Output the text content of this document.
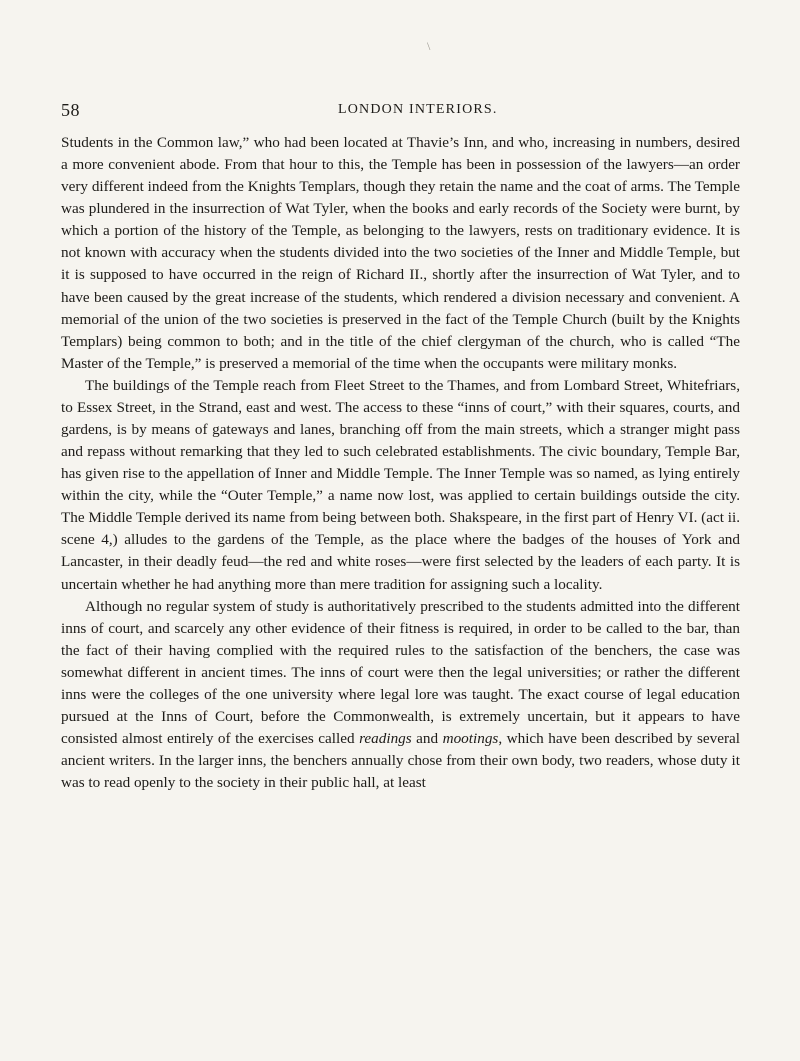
\
58	LONDON INTERIORS.

Students in the Common law,” who had been located at Thavie’s Inn, and who, increasing in numbers, desired a more convenient abode. From that hour to this, the Temple has been in possession of the lawyers—an order very different indeed from the Knights Templars, though they retain the name and the coat of arms. The Temple was plundered in the insurrection of Wat Tyler, when the books and early records of the Society were burnt, by which a portion of the history of the Temple, as belonging to the lawyers, rests on traditionary evidence. It is not known with accuracy when the students divided into the two societies of the Inner and Middle Temple, but it is supposed to have occurred in the reign of Richard II., shortly after the insurrection of Wat Tyler, and to have been caused by the great increase of the students, which rendered a division necessary and convenient. A memorial of the union of the two societies is preserved in the fact of the Temple Church (built by the Knights Templars) being common to both; and in the title of the chief clergyman of the church, who is called “The Master of the Temple,” is preserved a memorial of the time when the occupants were military monks.

The buildings of the Temple reach from Fleet Street to the Thames, and from Lombard Street, Whitefriars, to Essex Street, in the Strand, east and west. The access to these “inns of court,” with their squares, courts, and gardens, is by means of gateways and lanes, branching off from the main streets, which a stranger might pass and repass without remarking that they led to such celebrated establishments. The civic boundary, Temple Bar, has given rise to the appellation of Inner and Middle Temple. The Inner Temple was so named, as lying entirely within the city, while the “Outer Temple,” a name now lost, was applied to certain buildings outside the city. The Middle Temple derived its name from being between both. Shakspeare, in the first part of Henry VI. (act ii. scene 4,) alludes to the gardens of the Temple, as the place where the badges of the houses of York and Lancaster, in their deadly feud—the red and white roses—were first selected by the leaders of each party. It is uncertain whether he had anything more than mere tradition for assigning such a locality.

Although no regular system of study is authoritatively prescribed to the students admitted into the different inns of court, and scarcely any other evidence of their fitness is required, in order to be called to the bar, than the fact of their having complied with the required rules to the satisfaction of the benchers, the case was somewhat different in ancient times. The inns of court were then the legal universities; or rather the different inns were the colleges of the one university where legal lore was taught. The exact course of legal education pursued at the Inns of Court, before the Commonwealth, is extremely uncertain, but it appears to have consisted almost entirely of the exercises called readings and mootings, which have been described by several ancient writers. In the larger inns, the benchers annually chose from their own body, two readers, whose duty it was to read openly to the society in their public hall, at least
